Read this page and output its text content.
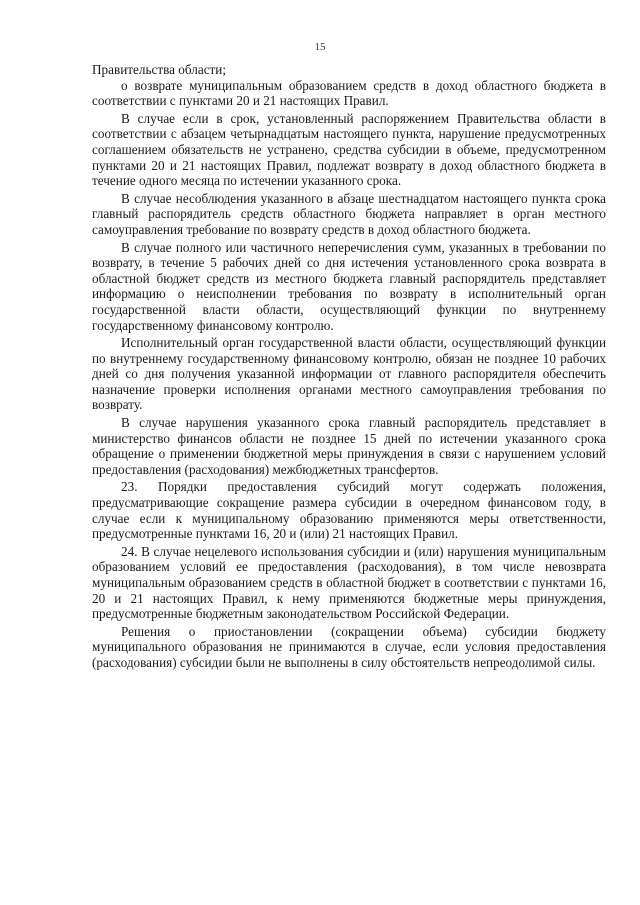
15

Правительства области;

о возврате муниципальным образованием средств в доход областного бюджета в соответствии с пунктами 20 и 21 настоящих Правил.

В случае если в срок, установленный распоряжением Правительства области в соответствии с абзацем четырнадцатым настоящего пункта, нарушение предусмотренных соглашением обязательств не устранено, средства субсидии в объеме, предусмотренном пунктами 20 и 21 настоящих Правил, подлежат возврату в доход областного бюджета в течение одного месяца по истечении указанного срока.

В случае несоблюдения указанного в абзаце шестнадцатом настоящего пункта срока главный распорядитель средств областного бюджета направляет в орган местного самоуправления требование по возврату средств в доход областного бюджета.

В случае полного или частичного неперечисления сумм, указанных в требовании по возврату, в течение 5 рабочих дней со дня истечения установленного срока возврата в областной бюджет средств из местного бюджета главный распорядитель представляет информацию о неисполнении требования по возврату в исполнительный орган государственной власти области, осуществляющий функции по внутреннему государственному финансовому контролю.

Исполнительный орган государственной власти области, осуществляющий функции по внутреннему государственному финансовому контролю, обязан не позднее 10 рабочих дней со дня получения указанной информации от главного распорядителя обеспечить назначение проверки исполнения органами местного самоуправления требования по возврату.

В случае нарушения указанного срока главный распорядитель представляет в министерство финансов области не позднее 15 дней по истечении указанного срока обращение о применении бюджетной меры принуждения в связи с нарушением условий предоставления (расходования) межбюджетных трансфертов.

23. Порядки предоставления субсидий могут содержать положения, предусматривающие сокращение размера субсидии в очередном финансовом году, в случае если к муниципальному образованию применяются меры ответственности, предусмотренные пунктами 16, 20 и (или) 21 настоящих Правил.

24. В случае нецелевого использования субсидии и (или) нарушения муниципальным образованием условий ее предоставления (расходования), в том числе невозврата муниципальным образованием средств в областной бюджет в соответствии с пунктами 16, 20 и 21 настоящих Правил, к нему применяются бюджетные меры принуждения, предусмотренные бюджетным законодательством Российской Федерации.

Решения о приостановлении (сокращении объема) субсидии бюджету муниципального образования не принимаются в случае, если условия предоставления (расходования) субсидии были не выполнены в силу обстоятельств непреодолимой силы.
